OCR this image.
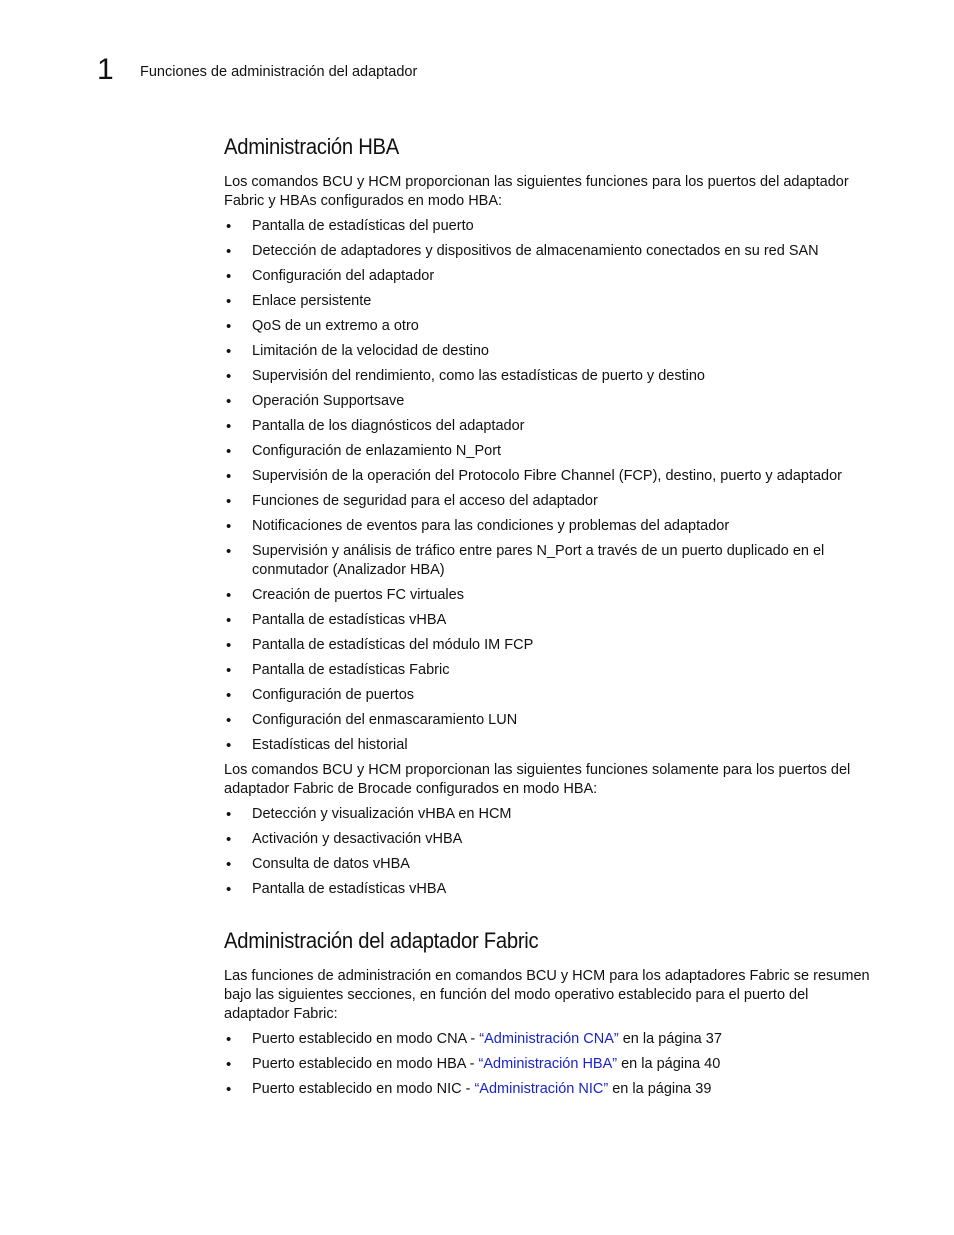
1 Funciones de administración del adaptador
Administración HBA

Los comandos BCU y HCM proporcionan las siguientes funciones para los puertos del adaptador Fabric y HBAs configurados en modo HBA:

• Pantalla de estadísticas del puerto
• Detección de adaptadores y dispositivos de almacenamiento conectados en su red SAN
• Configuración del adaptador
• Enlace persistente
• QoS de un extremo a otro
• Limitación de la velocidad de destino
• Supervisión del rendimiento, como las estadísticas de puerto y destino
• Operación Supportsave
• Pantalla de los diagnósticos del adaptador
• Configuración de enlazamiento N_Port
• Supervisión de la operación del Protocolo Fibre Channel (FCP), destino, puerto y adaptador
• Funciones de seguridad para el acceso del adaptador
• Notificaciones de eventos para las condiciones y problemas del adaptador
• Supervisión y análisis de tráfico entre pares N_Port a través de un puerto duplicado en el conmutador (Analizador HBA)
• Creación de puertos FC virtuales
• Pantalla de estadísticas vHBA
• Pantalla de estadísticas del módulo IM FCP
• Pantalla de estadísticas Fabric
• Configuración de puertos
• Configuración del enmascaramiento LUN
• Estadísticas del historial

Los comandos BCU y HCM proporcionan las siguientes funciones solamente para los puertos del adaptador Fabric de Brocade configurados en modo HBA:

• Detección y visualización vHBA en HCM
• Activación y desactivación vHBA
• Consulta de datos vHBA
• Pantalla de estadísticas vHBA
Administración del adaptador Fabric

Las funciones de administración en comandos BCU y HCM para los adaptadores Fabric se resumen bajo las siguientes secciones, en función del modo operativo establecido para el puerto del adaptador Fabric:

• Puerto establecido en modo CNA - “Administración CNA” en la página 37
• Puerto establecido en modo HBA - “Administración HBA” en la página 40
• Puerto establecido en modo NIC - “Administración NIC” en la página 39
